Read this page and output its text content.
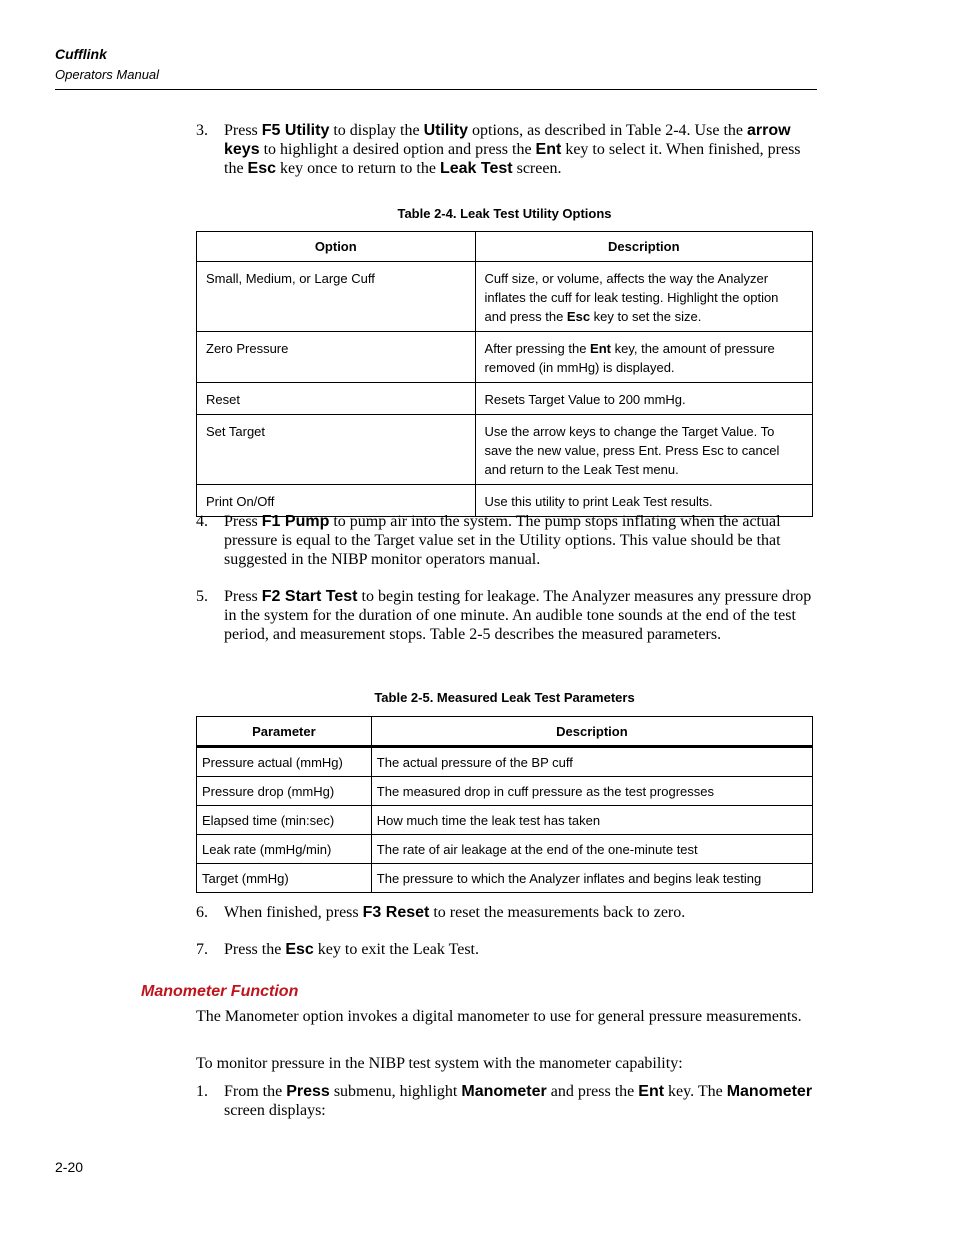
Cufflink
Operators Manual
3. Press F5 Utility to display the Utility options, as described in Table 2-4. Use the arrow keys to highlight a desired option and press the Ent key to select it. When finished, press the Esc key once to return to the Leak Test screen.
Table 2-4. Leak Test Utility Options
Option	Description
Small, Medium, or Large Cuff	Cuff size, or volume, affects the way the Analyzer inflates the cuff for leak testing. Highlight the option and press the Esc key to set the size.
Zero Pressure	After pressing the Ent key, the amount of pressure removed (in mmHg) is displayed.
Reset	Resets Target Value to 200 mmHg.
Set Target	Use the arrow keys to change the Target Value. To save the new value, press Ent. Press Esc to cancel and return to the Leak Test menu.
Print On/Off	Use this utility to print Leak Test results.
4. Press F1 Pump to pump air into the system. The pump stops inflating when the actual pressure is equal to the Target value set in the Utility options. This value should be that suggested in the NIBP monitor operators manual.
5. Press F2 Start Test to begin testing for leakage. The Analyzer measures any pressure drop in the system for the duration of one minute. An audible tone sounds at the end of the test period, and measurement stops. Table 2-5 describes the measured parameters.
Table 2-5. Measured Leak Test Parameters
Parameter	Description
Pressure actual (mmHg)	The actual pressure of the BP cuff
Pressure drop (mmHg)	The measured drop in cuff pressure as the test progresses
Elapsed time (min:sec)	How much time the leak test has taken
Leak rate (mmHg/min)	The rate of air leakage at the end of the one-minute test
Target (mmHg)	The pressure to which the Analyzer inflates and begins leak testing
6. When finished, press F3 Reset to reset the measurements back to zero.
7. Press the Esc key to exit the Leak Test.
Manometer Function
The Manometer option invokes a digital manometer to use for general pressure measurements.
To monitor pressure in the NIBP test system with the manometer capability:
1. From the Press submenu, highlight Manometer and press the Ent key. The Manometer screen displays:
2-20
